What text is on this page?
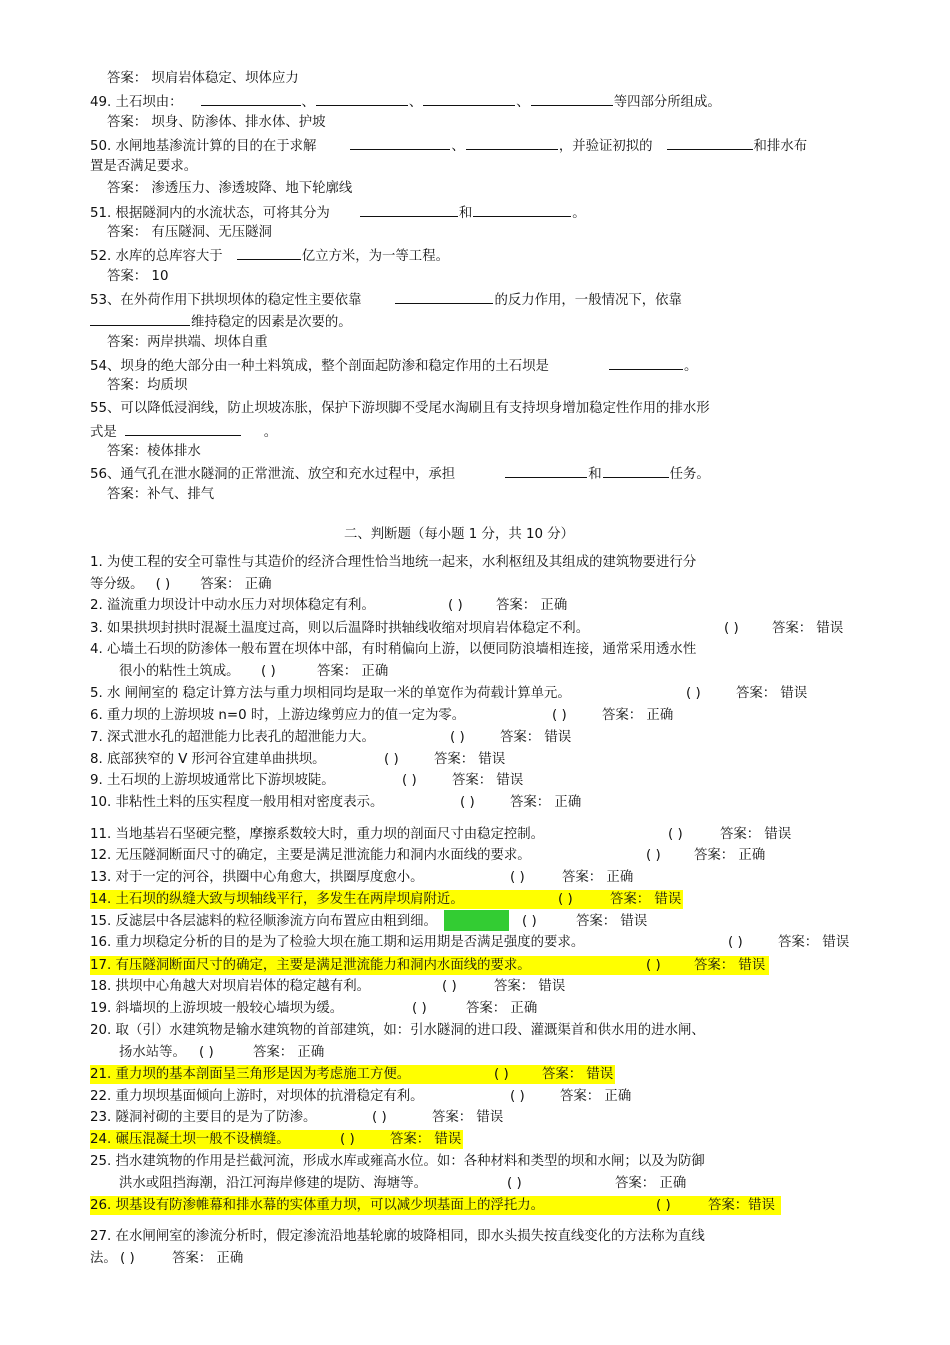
答案： 坝肩岩体稳定、坝体应力
49. 土石坝由：	、	、	、	等四部分所组成。
答案： 坝身、防渗体、排水体、护坡
50. 水闸地基渗流计算的目的在于求解	、	，并验证初拟的	和排水布
置是否满足要求。
答案： 渗透压力、渗透坡降、地下轮廓线
51. 根据隧洞内的水流状态，可将其分为	和	。
答案： 有压隧洞、无压隧洞
52. 水库的总库容大于	亿立方米，为一等工程。
答案： 10
53、在外荷作用下拱坝坝体的稳定性主要依靠	的反力作用，一般情况下，依靠
维持稳定的因素是次要的。
答案：两岸拱端、坝体自重
54、坝身的绝大部分由一种土料筑成，整个剖面起防渗和稳定作用的土石坝是	。
答案：均质坝
55、可以降低浸润线，防止坝坡冻胀，保护下游坝脚不受尾水淘刷且有支持坝身增加稳定性作用的排水形
式是	。
答案：棱体排水
56、通气孔在泄水隧洞的正常泄流、放空和充水过程中，承担	和	任务。
答案：补气、排气
二、判断题（每小题 1 分，共 10 分）
1. 为使工程的安全可靠性与其造价的经济合理性恰当地统一起来，水利枢纽及其组成的建筑物要进行分
等分级。 ( ) 答案： 正确
2. 溢流重力坝设计中动水压力对坝体稳定有利。	( ) 答案： 正确
3. 如果拱坝封拱时混凝土温度过高，则以后温降时拱轴线收缩对坝肩岩体稳定不利。	( ) 答案： 错误
4. 心墙土石坝的防渗体一般布置在坝体中部，有时稍偏向上游，以便同防浪墙相连接，通常采用透水性
很小的粘性土筑成。 ( )	答案： 正确
5. 水 闸闸室的 稳定计算方法与重力坝相同均是取一米的单宽作为荷载计算单元。	( )	答案： 错误
6. 重力坝的上游坝坡 n=0 时，上游边缘剪应力的值一定为零。	( )	答案： 正确
7. 深式泄水孔的超泄能力比表孔的超泄能力大。	( )	答案： 错误
8. 底部狭窄的 V 形河谷宜建单曲拱坝。	( )	答案： 错误
9. 土石坝的上游坝坡通常比下游坝坡陡。	( )	答案： 错误
10. 非粘性土料的压实程度一般用相对密度表示。	( )	答案： 正确
11. 当地基岩石坚硬完整，摩擦系数较大时，重力坝的剖面尺寸由稳定控制。	( )	答案： 错误
12. 无压隧洞断面尺寸的确定，主要是满足泄流能力和洞内水面线的要求。	( ) 答案： 正确
13. 对于一定的河谷，拱圈中心角愈大，拱圈厚度愈小。	( )	答案： 正确
14. 土石坝的纵缝大致与坝轴线平行，多发生在两岸坝肩附近。	( )	答案： 错误
15. 反滤层中各层滤料的粒径顺渗流方向布置应由粗到细。	( )	答案： 错误
16. 重力坝稳定分析的目的是为了检验大坝在施工期和运用期是否满足强度的要求。	( )	答案： 错误
17. 有压隧洞断面尺寸的确定，主要是满足泄流能力和洞内水面线的要求。	( ) 答案： 错误
18. 拱坝中心角越大对坝肩岩体的稳定越有利。	( )	答案： 错误
19. 斜墙坝的上游坝坡一般较心墙坝为缓。	( )	答案： 正确
20. 取（引）水建筑物是输水建筑物的首部建筑，如：引水隧洞的进口段、灌溉渠首和供水用的进水闸、
扬水站等。 ( )	答案： 正确
21. 重力坝的基本剖面呈三角形是因为考虑施工方便。	( ) 答案： 错误
22. 重力坝坝基面倾向上游时，对坝体的抗滑稳定有利。	( )	答案： 正确
23. 隧洞衬砌的主要目的是为了防渗。	( )	答案： 错误
24. 碾压混凝土坝一般不设横缝。	( )	答案： 错误
25. 挡水建筑物的作用是拦截河流，形成水库或雍高水位。如：各种材料和类型的坝和水闸；以及为防御
洪水或阻挡海潮，沿江河海岸修建的堤防、海塘等。	( )	答案： 正确
26. 坝基设有防渗帷幕和排水幕的实体重力坝，可以减少坝基面上的浮托力。	( )	答案：错误
27. 在水闸闸室的渗流分析时，假定渗流沿地基轮廓的坡降相同，即水头损失按直线变化的方法称为直线
法。 ( )	答案： 正确
